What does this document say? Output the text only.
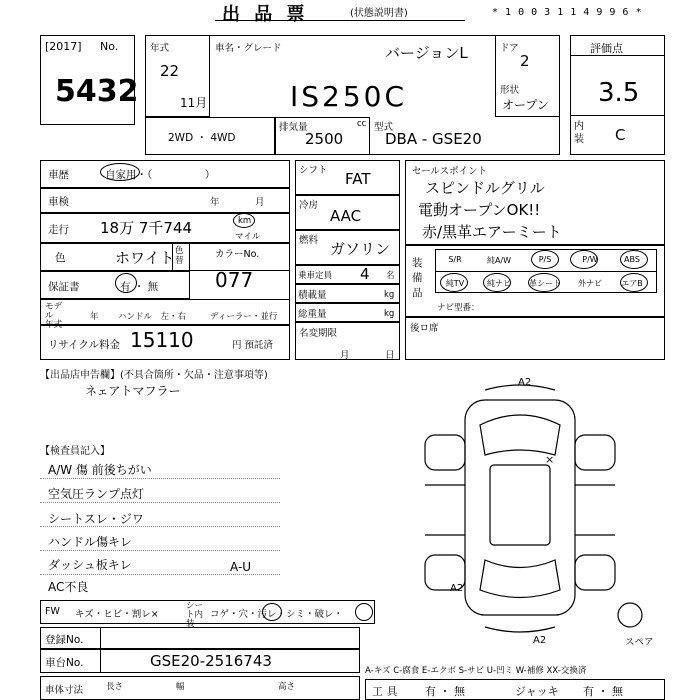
出 品 票	(状態説明書)	* 1 0 0 3 1 1 4 9 9 6 *
[2017] No.
5432
年式
22
11月
車名・グレード	バージョンL
IS250C
ドア
2
形状
オープン
2WD ・ 4WD
排気量	cc
2500
型式
DBA - GSE20
評価点
3.5
内装 C
車歴	自家用・（　　　　　）
車検	年	月
走行 18万 7千744	km
マイル
色	ホワイト 色替
カラーNo.
保証書	有 ・ 無	077
モデル
年式
年 ハンドル　左・右	ディーラー・並行
リサイクル料金 15110	円 預託済
シフト FAT
冷房
AAC
燃料 ガソリン
乗車定員 4 名
積載量	kg
総重量	kg
名変期限
月	日
セールスポイント
スピンドルグリル
電動オープンOK!!
赤/黒革エアーミート
装備品
S/R	純A/W	P/S	P/W	ABS
純TV	純ナビ	革シート	外ナビ	エアB
ナビ型番：
後ロ席
【出品店申告欄】(不具合箇所・欠品・注意事項等)
ネェアトマフラー
【検査員記入】
A/W 傷 前後ちがい
空気圧ランプ点灯
シートスレ・ジワ
ハンドル傷キレ
ダッシュ板キレ
AC不良
A-U
A2
×
A2
A2	スペア
FW キズ・ヒビ・割レ×
シート内装
コゲ・穴・汚レ・シミ・破レ・
登録No.
車台No.	GSE20-2516743
車体寸法	長さ	幅	高さ
A-キズ C-腐食 E-エクボ S-サビ U-凹ミ W-補修 XX-交換済
工 具	有 ・ 無	ジャッキ 有 ・ 無
